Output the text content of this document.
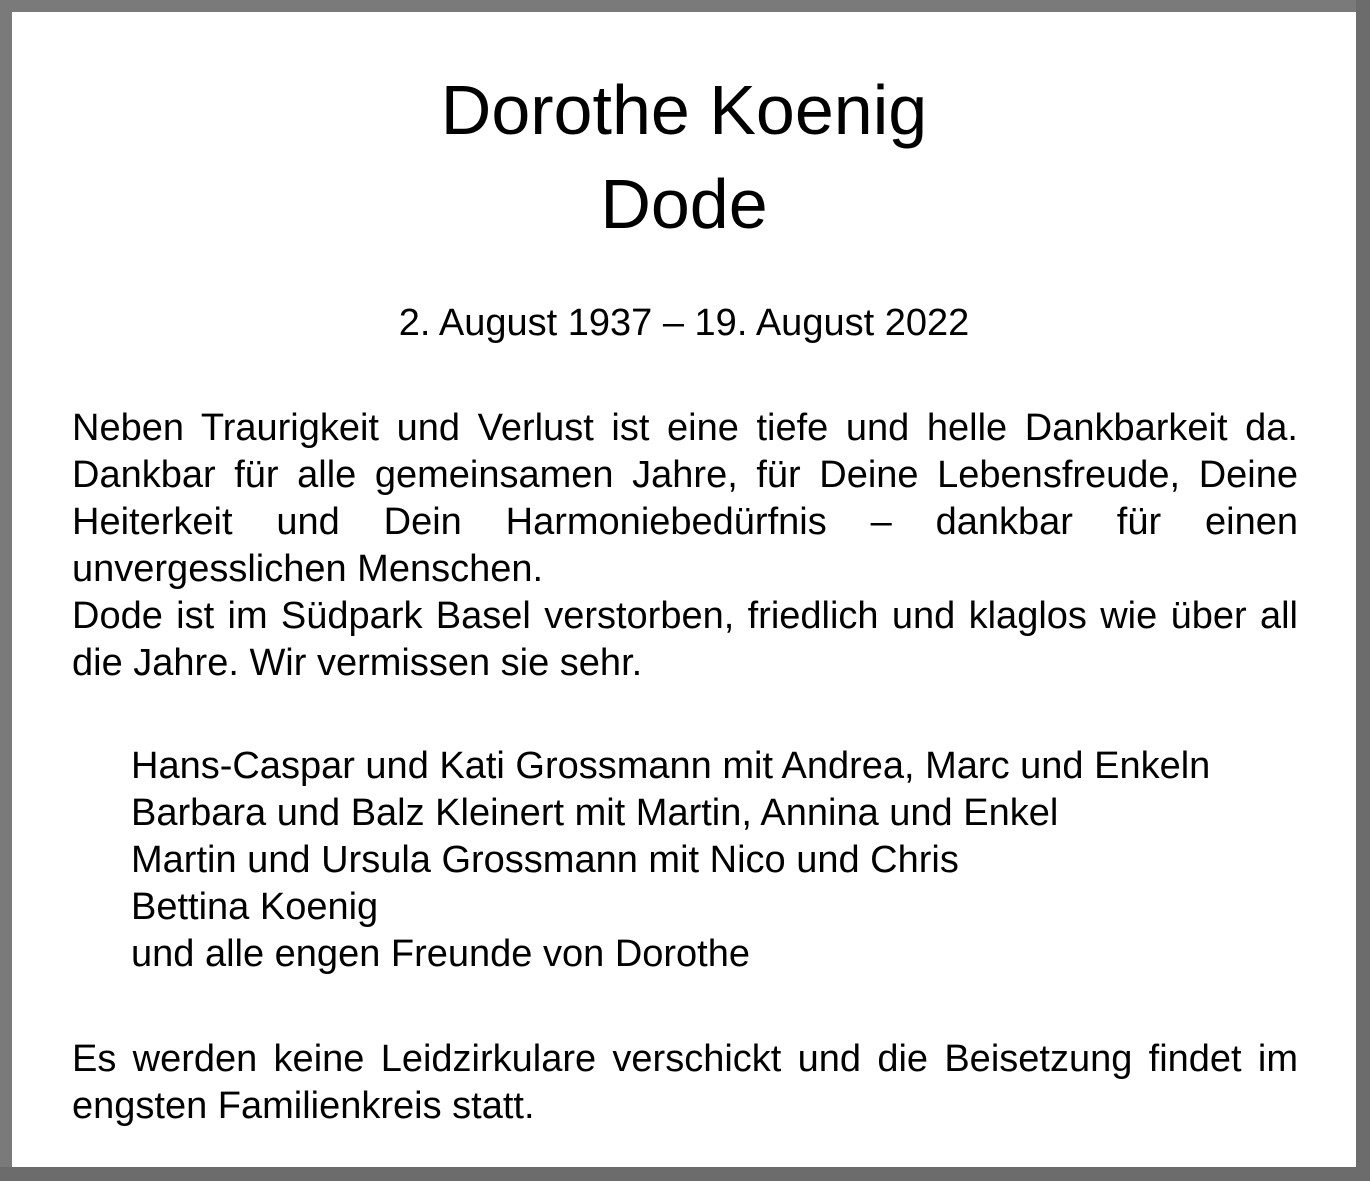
Dorothe Koenig
Dode

2. August 1937 – 19. August 2022

Neben Traurigkeit und Verlust ist eine tiefe und helle Dankbarkeit da. Dankbar für alle gemeinsamen Jahre, für Deine Lebensfreude, Deine Heiterkeit und Dein Harmoniebedürfnis – dankbar für einen unvergesslichen Menschen.

Dode ist im Südpark Basel verstorben, friedlich und klaglos wie über all die Jahre. Wir vermissen sie sehr.

Hans-Caspar und Kati Grossmann mit Andrea, Marc und Enkeln
Barbara und Balz Kleinert mit Martin, Annina und Enkel
Martin und Ursula Grossmann mit Nico und Chris
Bettina Koenig
und alle engen Freunde von Dorothe

Es werden keine Leidzirkulare verschickt und die Beisetzung findet im engsten Familienkreis statt.
